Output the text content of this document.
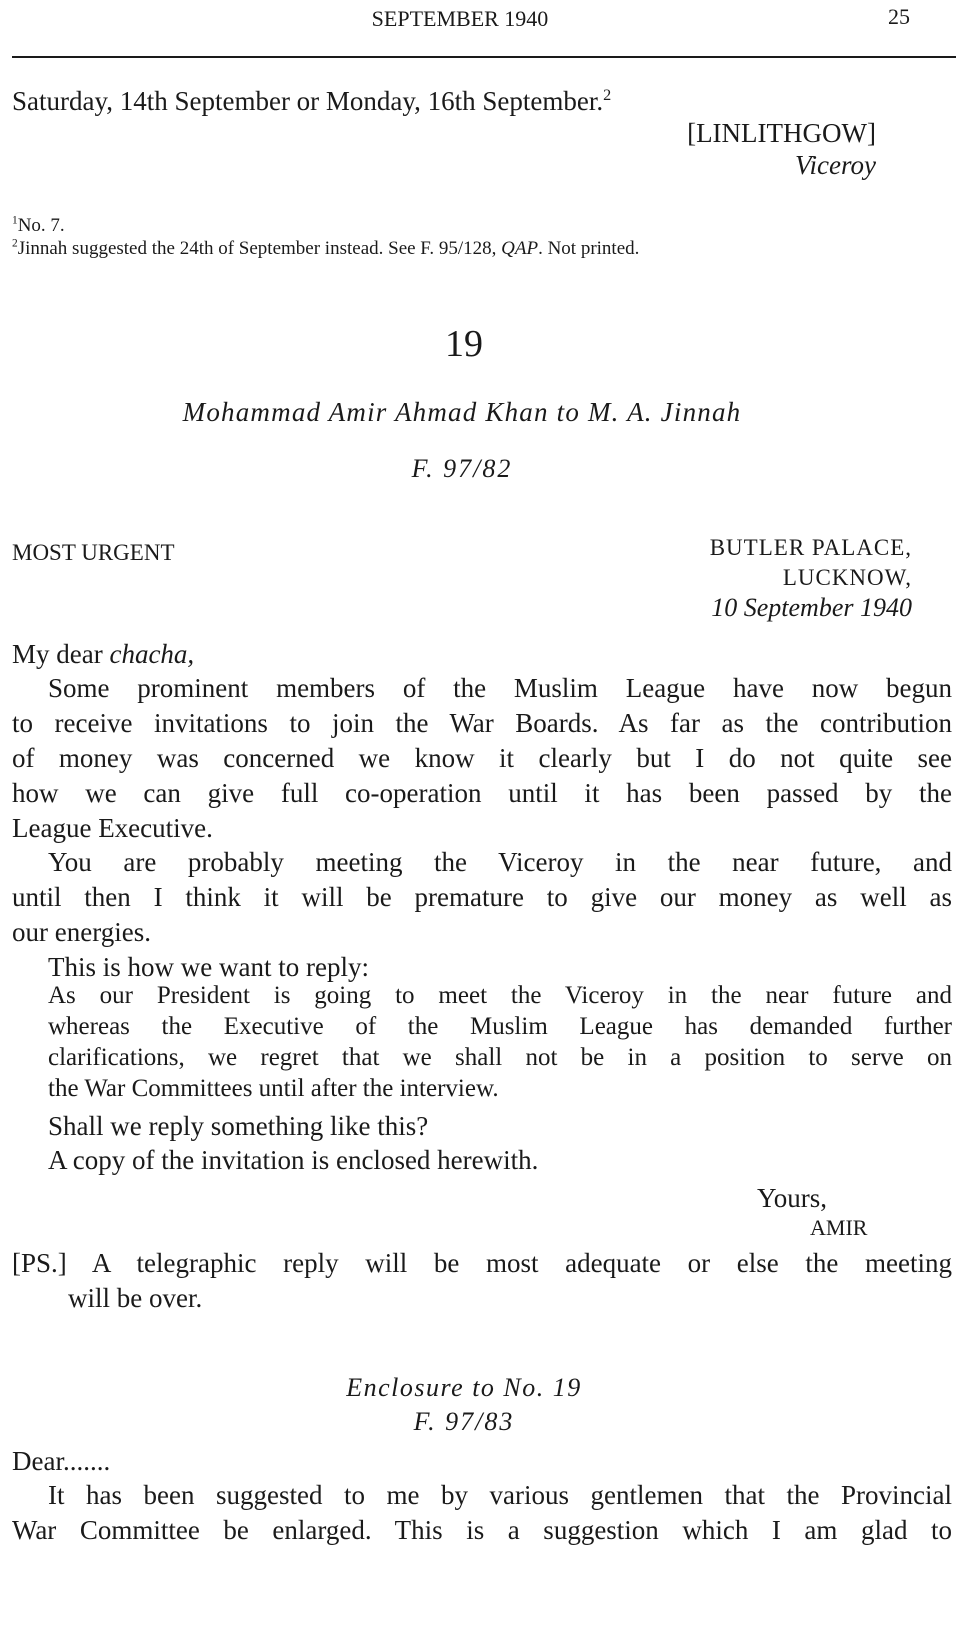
SEPTEMBER 1940	25
Saturday, 14th September or Monday, 16th September.$^2$
[LINLITHGOW]
Viceroy
$^1$No. 7.
$^2$Jinnah suggested the 24th of September instead. See F. 95/128, QAP. Not printed.
19
Mohammad Amir Ahmad Khan to M. A. Jinnah
F. 97/82
MOST URGENT	BUTLER PALACE,
LUCKNOW,
10 September 1940
My dear chacha,
Some prominent members of the Muslim League have now begun
to receive invitations to join the War Boards. As far as the contribution
of money was concerned we know it clearly but I do not quite see
how we can give full co-operation until it has been passed by the
League Executive.
You are probably meeting the Viceroy in the near future, and
until then I think it will be premature to give our money as well as
our energies.
This is how we want to reply:
As our President is going to meet the Viceroy in the near future and
whereas the Executive of the Muslim League has demanded further
clarifications, we regret that we shall not be in a position to serve on
the War Committees until after the interview.
Shall we reply something like this?
A copy of the invitation is enclosed herewith.
Yours,
AMIR
[PS.] A telegraphic reply will be most adequate or else the meeting
will be over.
Enclosure to No. 19
F. 97/83
Dear.......
It has been suggested to me by various gentlemen that the Provincial
War Committee be enlarged. This is a suggestion which I am glad to
